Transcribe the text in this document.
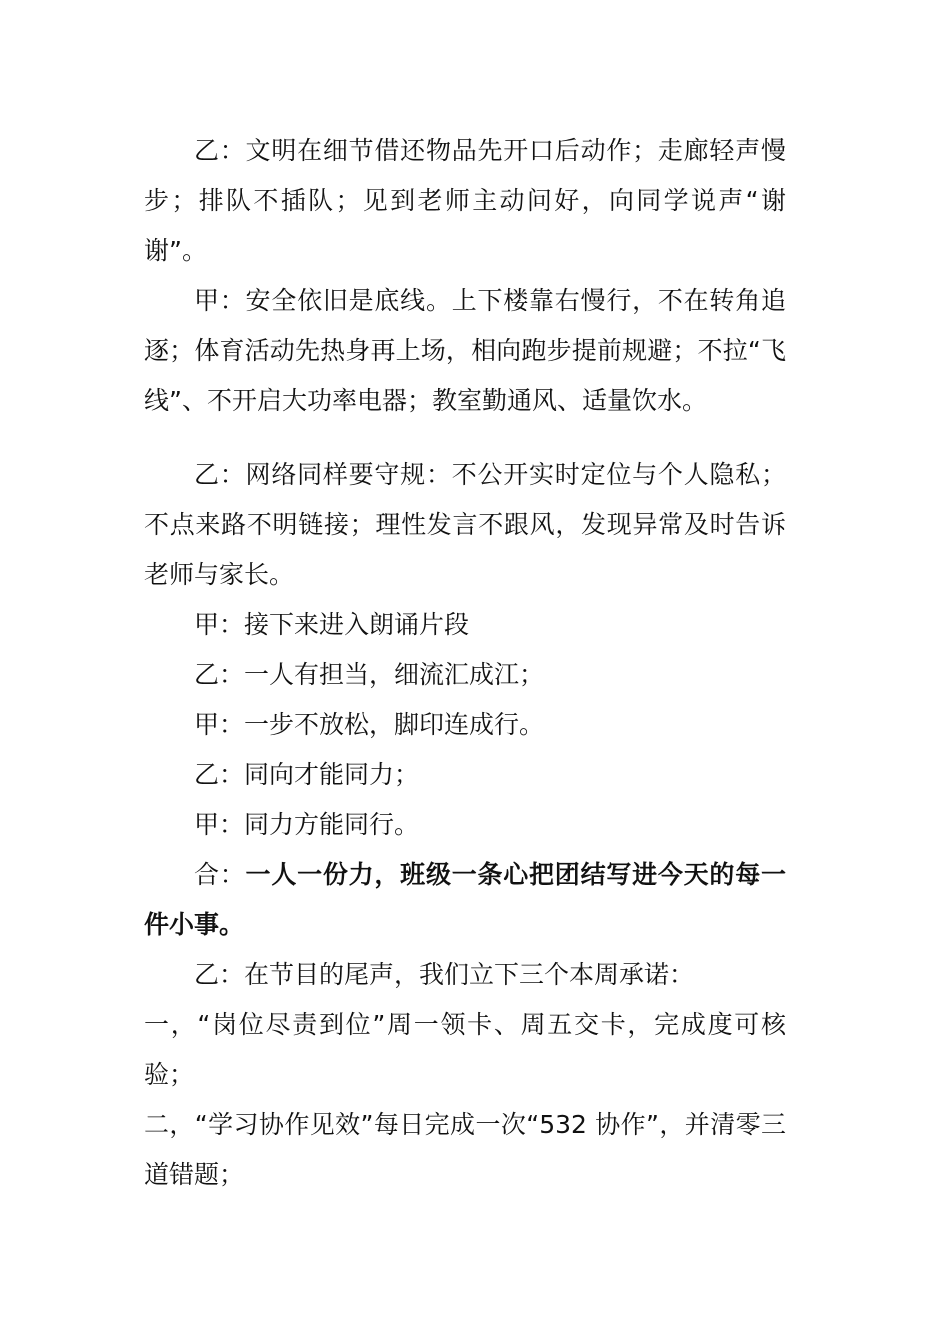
乙：文明在细节借还物品先开口后动作；走廊轻声慢步；排队不插队；见到老师主动问好，向同学说声“谢谢”。

甲：安全依旧是底线。上下楼靠右慢行，不在转角追逐；体育活动先热身再上场，相向跑步提前规避；不拉“飞线”、不开启大功率电器；教室勤通风、适量饮水。

乙：网络同样要守规：不公开实时定位与个人隐私；不点来路不明链接；理性发言不跟风，发现异常及时告诉老师与家长。

甲：接下来进入朗诵片段

乙：一人有担当，细流汇成江；

甲：一步不放松，脚印连成行。

乙：同向才能同力；

甲：同力方能同行。

合：一人一份力，班级一条心把团结写进今天的每一件小事。

乙：在节目的尾声，我们立下三个本周承诺：

一，“岗位尽责到位”周一领卡、周五交卡，完成度可核验；

二，“学习协作见效”每日完成一次“532 协作”，并清零三道错题；
